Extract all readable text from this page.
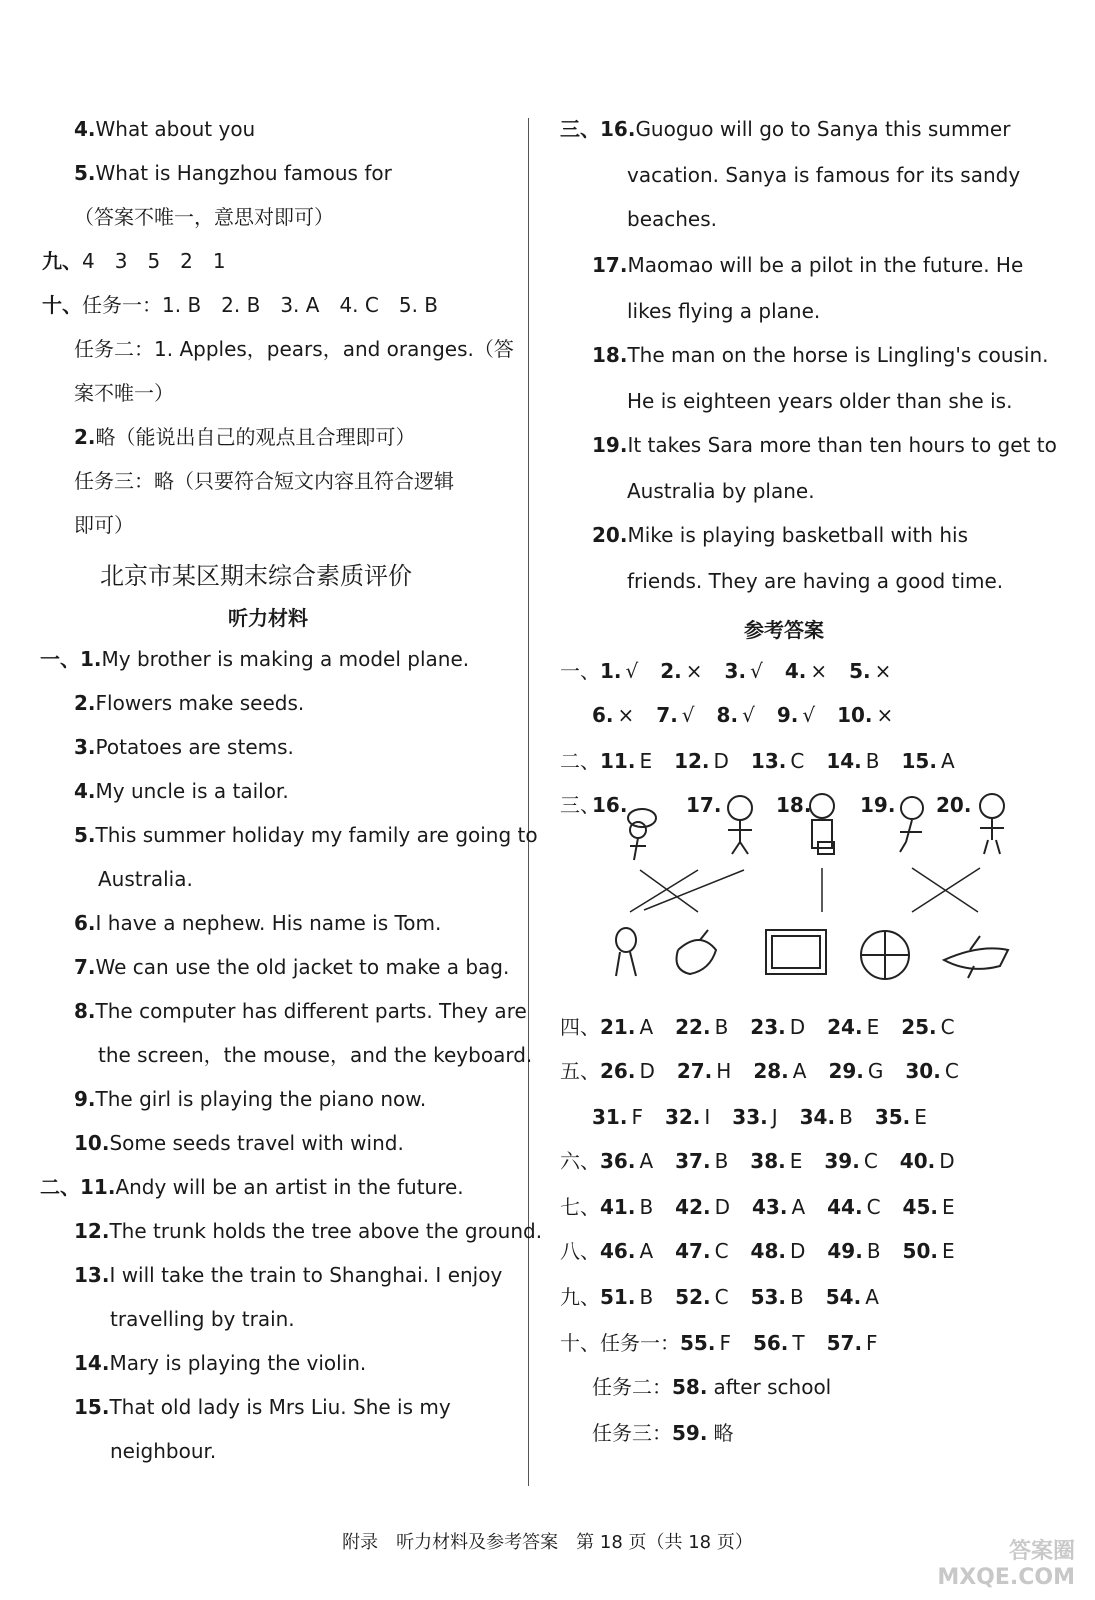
4.What about you
5.What is Hangzhou famous for
（答案不唯一，意思对即可）
九、4　3　5　2　1
十、任务一：1. B　2. B　3. A　4. C　5. B
任务二：1. Apples，pears，and oranges.（答
案不唯一）
2.略（能说出自己的观点且合理即可）
任务三：略（只要符合短文内容且符合逻辑
即可）
北京市某区期末综合素质评价
听力材料
一、1.My brother is making a model plane.
2.Flowers make seeds.
3.Potatoes are stems.
4.My uncle is a tailor.
5.This summer holiday my family are going to
Australia.
6.I have a nephew. His name is Tom.
7.We can use the old jacket to make a bag.
8.The computer has different parts. They are
the screen，the mouse，and the keyboard.
9.The girl is playing the piano now.
10.Some seeds travel with wind.
二、11.Andy will be an artist in the future.
12.The trunk holds the tree above the ground.
13.I will take the train to Shanghai. I enjoy
travelling by train.
14.Mary is playing the violin.
15.That old lady is Mrs Liu. She is my
neighbour.
三、16.Guoguo will go to Sanya this summer
vacation. Sanya is famous for its sandy
beaches.
17.Maomao will be a pilot in the future. He
likes flying a plane.
18.The man on the horse is Lingling's cousin.
He is eighteen years older than she is.
19.It takes Sara more than ten hours to get to
Australia by plane.
20.Mike is playing basketball with his
friends. They are having a good time.
参考答案
一、1. √ 2. × 3. √ 4. × 5. ×
6. × 7. √ 8. √ 9. √ 10. ×
二、11. E 12. D 13. C 14. B 15. A
四、21. A 22. B 23. D 24. E 25. C
五、26. D 27. H 28. A 29. G 30. C
31. F 32. I 33. J 34. B 35. E
六、36. A 37. B 38. E 39. C 40. D
七、41. B 42. D 43. A 44. C 45. E
八、46. A 47. C 48. D 49. B 50. E
九、51. B 52. C 53. B 54. A
十、任务一：55. F 56. T 57. F
任务二：58. after school
任务三：59. 略
三、
16.	17.	18. 19. 20.
附录　听力材料及参考答案　第 18 页（共 18 页）	答案圈 MXQE.COM
